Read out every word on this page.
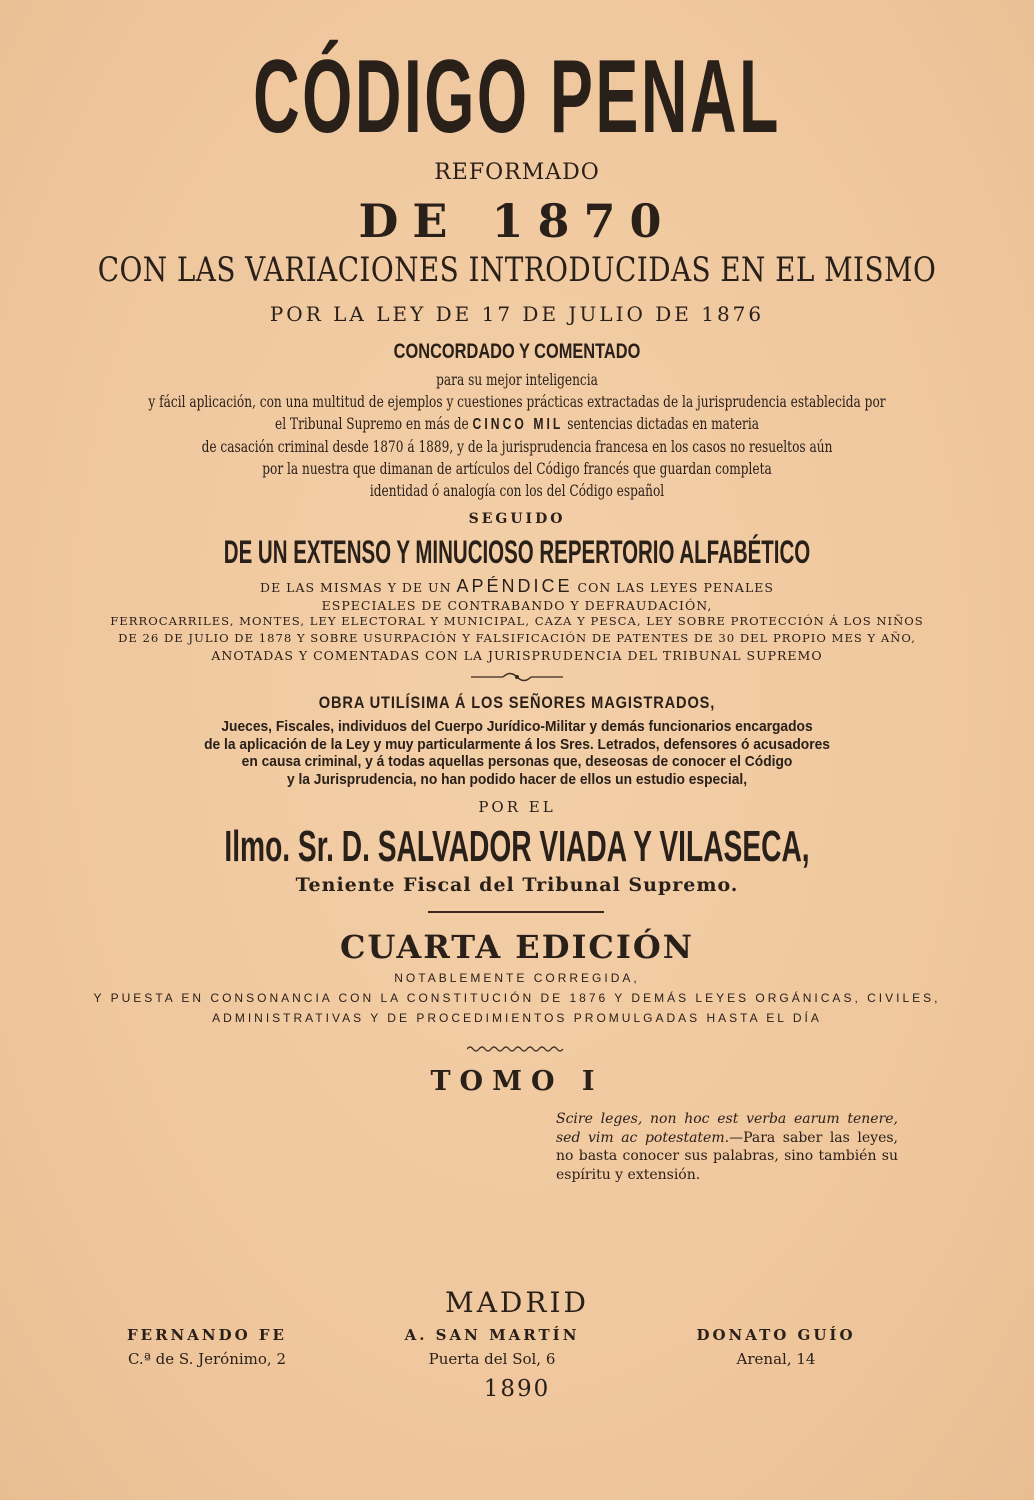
CÓDIGO PENAL
REFORMADO
DE 1870
CON LAS VARIACIONES INTRODUCIDAS EN EL MISMO
POR LA LEY DE 17 DE JULIO DE 1876
CONCORDADO Y COMENTADO
para su mejor inteligencia
y fácil aplicación, con una multitud de ejemplos y cuestiones prácticas extractadas de la jurisprudencia establecida por
el Tribunal Supremo en más de CINCO MIL sentencias dictadas en materia
de casación criminal desde 1870 á 1889, y de la jurisprudencia francesa en los casos no resueltos aún
por la nuestra que dimanan de artículos del Código francés que guardan completa
identidad ó analogía con los del Código español
SEGUIDO
DE UN EXTENSO Y MINUCIOSO REPERTORIO ALFABÉTICO
DE LAS MISMAS Y DE UN APÉNDICE CON LAS LEYES PENALES
ESPECIALES DE CONTRABANDO Y DEFRAUDACIÓN,
FERROCARRILES, MONTES, LEY ELECTORAL Y MUNICIPAL, CAZA Y PESCA, LEY SOBRE PROTECCIÓN Á LOS NIÑOS
DE 26 DE JULIO DE 1878 Y SOBRE USURPACIÓN Y FALSIFICACIÓN DE PATENTES DE 30 DEL PROPIO MES Y AÑO,
ANOTADAS Y COMENTADAS CON LA JURISPRUDENCIA DEL TRIBUNAL SUPREMO
OBRA UTILÍSIMA Á LOS SEÑORES MAGISTRADOS,
Jueces, Fiscales, individuos del Cuerpo Jurídico-Militar y demás funcionarios encargados
de la aplicación de la Ley y muy particularmente á los Sres. Letrados, defensores ó acusadores
en causa criminal, y á todas aquellas personas que, deseosas de conocer el Código
y la Jurisprudencia, no han podido hacer de ellos un estudio especial,
POR EL
Ilmo. Sr. D. SALVADOR VIADA Y VILASECA,
Teniente Fiscal del Tribunal Supremo.
CUARTA EDICIÓN
NOTABLEMENTE CORREGIDA,
Y PUESTA EN CONSONANCIA CON LA CONSTITUCIÓN DE 1876 Y DEMÁS LEYES ORGÁNICAS, CIVILES,
ADMINISTRATIVAS Y DE PROCEDIMIENTOS PROMULGADAS HASTA EL DÍA
TOMO I
Scire leges, non hoc est verba earum tenere, sed vim ac potestatem.—Para saber las leyes, no basta conocer sus palabras, sino también su espíritu y extensión.
MADRID
FERNANDO FE
C.ª de S. Jerónimo, 2
A. SAN MARTÍN
Puerta del Sol, 6
DONATO GUÍO
Arenal, 14
1890
